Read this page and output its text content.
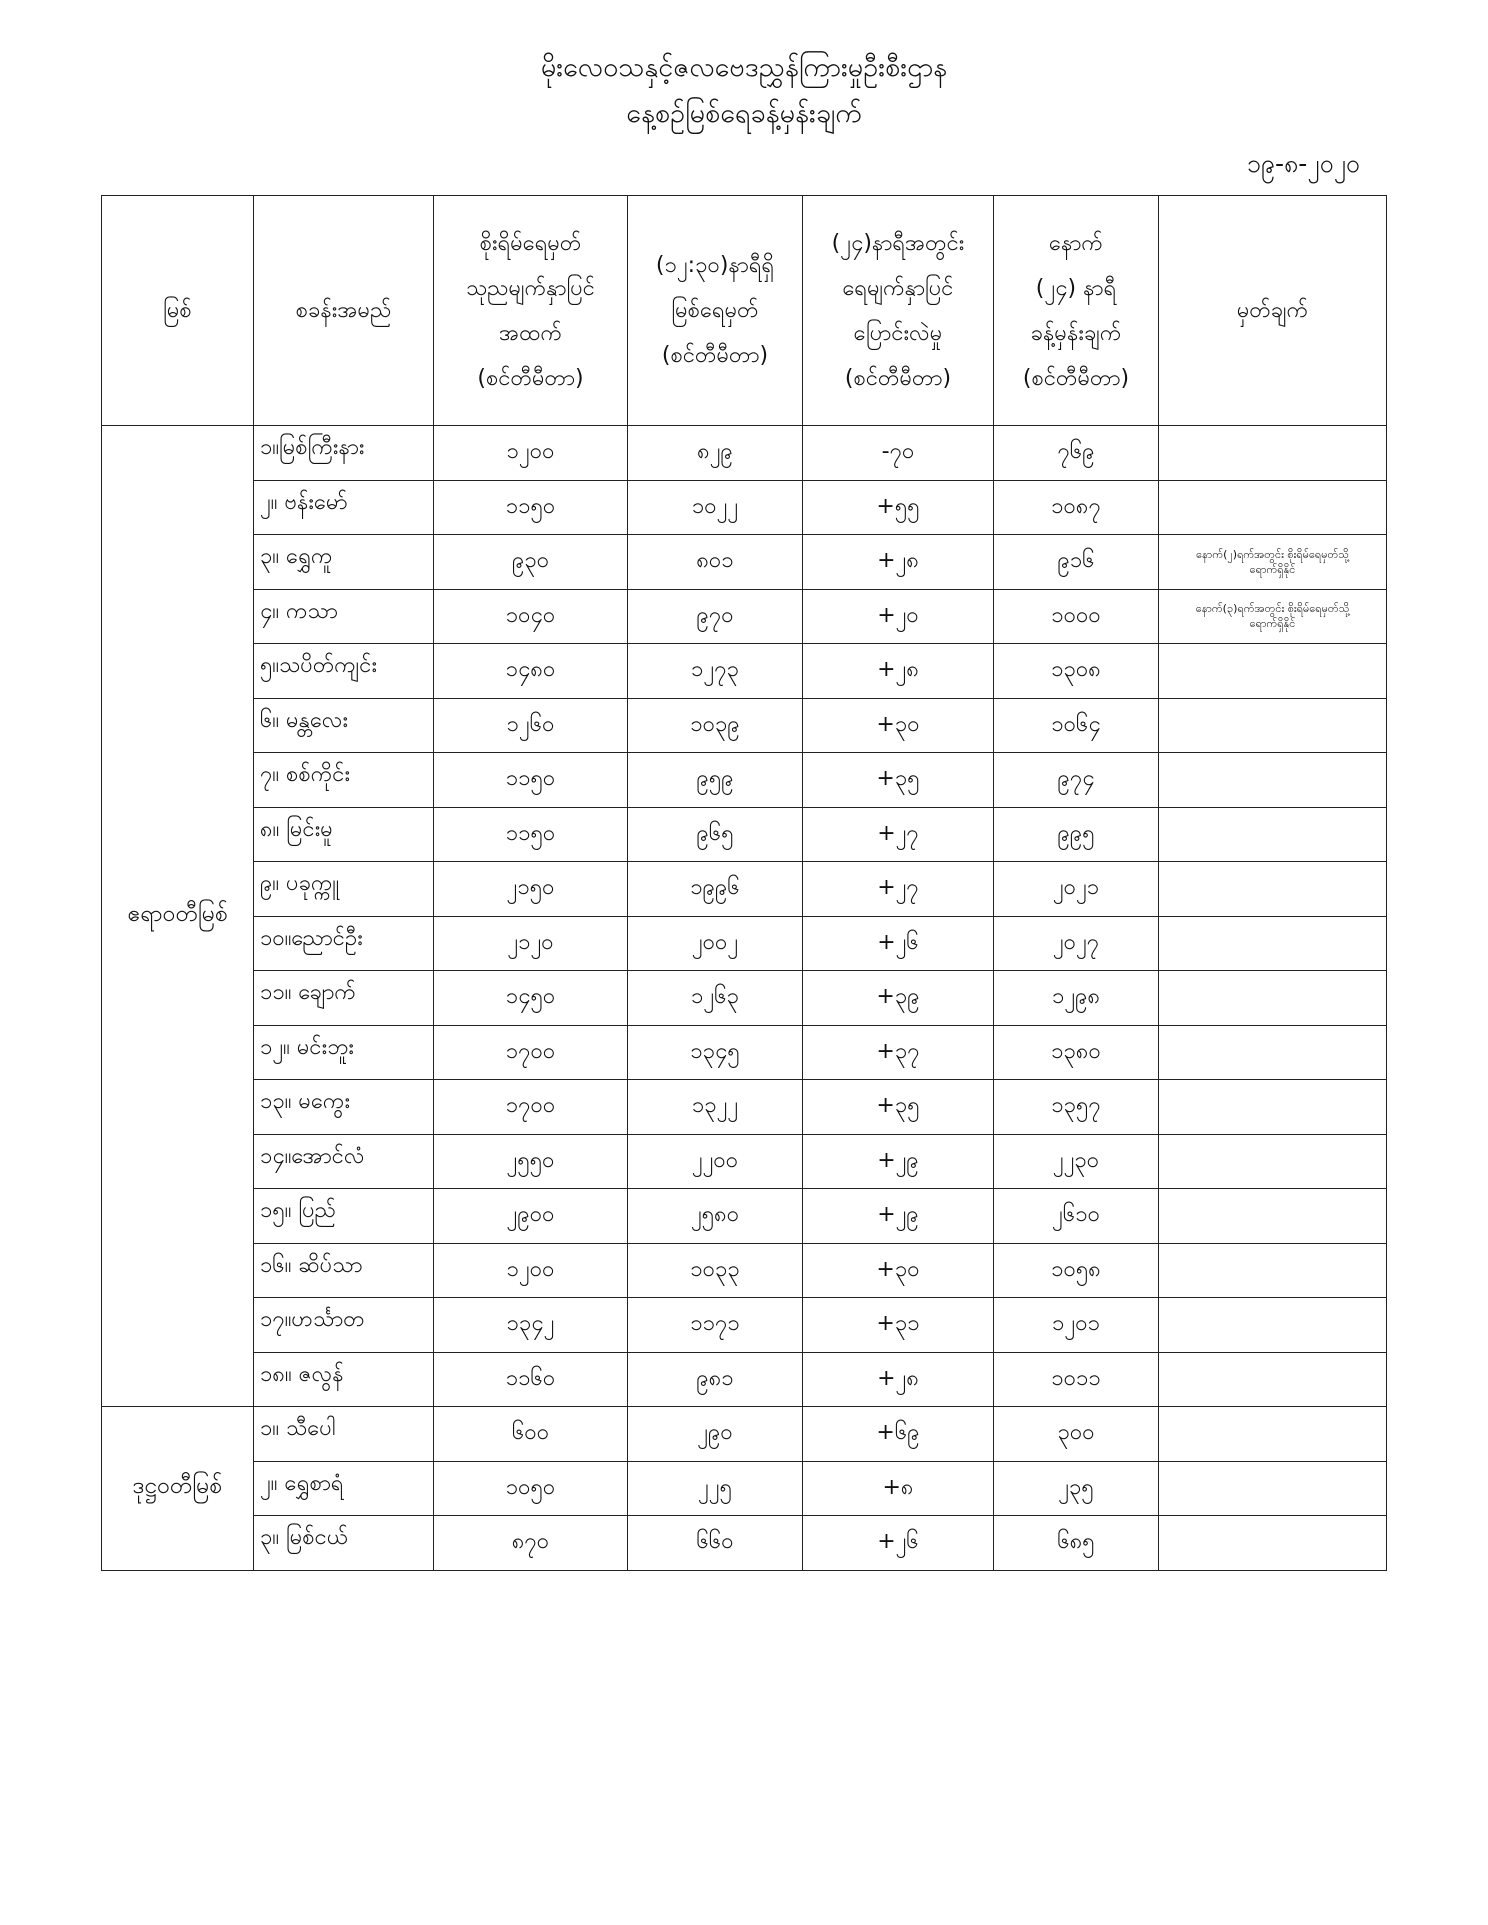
မိုးလေဝသနှင့်ဇလဗေဒညွှန်ကြားမှုဦးစီးဌာန
နေ့စဉ်မြစ်ရေခန့်မှန်းချက်
၁၉-၈-၂၀၂၀
မြစ်	စခန်းအမည်	စိုးရိမ်ရေမှတ်
သုညမျက်နှာပြင်
အထက်
(စင်တီမီတာ)	(၁၂:၃၀)နာရီရှိ
မြစ်ရေမှတ်
(စင်တီမီတာ)	(၂၄)နာရီအတွင်း
ရေမျက်နှာပြင်
ပြောင်းလဲမှု
(စင်တီမီတာ)	နောက်
(၂၄) နာရီ
ခန့်မှန်းချက်
(စင်တီမီတာ)	မှတ်ချက်
ဧရာဝတီမြစ်	၁။မြစ်ကြီးနား	၁၂၀၀	၈၂၉	-၇၀	၇၆၉	
	၂။ ဗန်းမော်	၁၁၅၀	၁၀၂၂	+၅၅	၁၀၈၇	
	၃။ ရွှေကူ	၉၃၀	၈၀၁	+၂၈	၉၁၆	နောက်(၂)ရက်အတွင်း စိုးရိမ်ရေမှတ်သို့
ရောက်ရှိနိုင်

	၄။ ကသာ	၁၀၄၀	၉၇၀	+၂၀	၁၀၀၀	နောက်(၃)ရက်အတွင်း စိုးရိမ်ရေမှတ်သို့
ရောက်ရှိနိုင်

	၅။သပိတ်ကျင်း	၁၄၈၀	၁၂၇၃	+၂၈	၁၃၀၈	
	၆။ မန္တလေး	၁၂၆၀	၁၀၃၉	+၃၀	၁၀၆၄	
	၇။ စစ်ကိုင်း	၁၁၅၀	၉၅၉	+၃၅	၉၇၄	
	၈။ မြင်းမူ	၁၁၅၀	၉၆၅	+၂၇	၉၉၅	
	၉။ ပခုက္ကူ	၂၁၅၀	၁၉၉၆	+၂၇	၂၀၂၁	
	၁၀။ညောင်ဦး	၂၁၂၀	၂၀၀၂	+၂၆	၂၀၂၇	
	၁၁။ ချောက်	၁၄၅၀	၁၂၆၃	+၃၉	၁၂၉၈	
	၁၂။ မင်းဘူး	၁၇၀၀	၁၃၄၅	+၃၇	၁၃၈၀	
	၁၃။ မကွေး	၁၇၀၀	၁၃၂၂	+၃၅	၁၃၅၇	
	၁၄။အောင်လံ	၂၅၅၀	၂၂၀၀	+၂၉	၂၂၃၀	
	၁၅။ ပြည်	၂၉၀၀	၂၅၈၀	+၂၉	၂၆၁၀	
	၁၆။ ဆိပ်သာ	၁၂၀၀	၁၀၃၃	+၃၀	၁၀၅၈	
	၁၇။ဟင်္သာတ	၁၃၄၂	၁၁၇၁	+၃၁	၁၂၀၁	
	၁၈။ ဇလွန်	၁၁၆၀	၉၈၁	+၂၈	၁၀၁၁	
ဒုဋ္ဌဝတီမြစ်	၁။ သီပေါ	၆၀၀	၂၉၀	+၆၉	၃၀၀	
	၂။ ရွှေစာရံ	၁၀၅၀	၂၂၅	+၈	၂၃၅	
	၃။ မြစ်ငယ်	၈၇၀	၆၆၀	+၂၆	၆၈၅	
